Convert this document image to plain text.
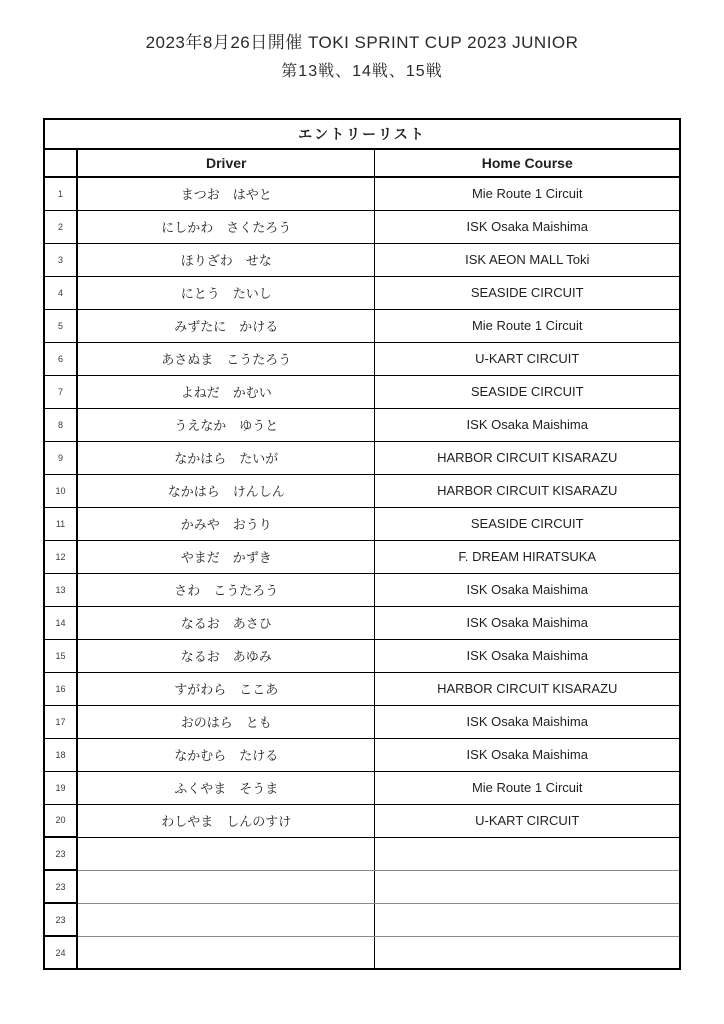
2023年8月26日開催 TOKI SPRINT CUP 2023 JUNIOR
第13戦、14戦、15戦
エントリーリスト		
	Driver	Home Course
1	まつお　はやと	Mie Route 1 Circuit
2	にしかわ　さくたろう	ISK Osaka Maishima
3	ほりざわ　せな	ISK AEON MALL Toki
4	にとう　たいし	SEASIDE CIRCUIT
5	みずたに　かける	Mie Route 1 Circuit
6	あさぬま　こうたろう	U-KART CIRCUIT
7	よねだ　かむい	SEASIDE CIRCUIT
8	うえなか　ゆうと	ISK Osaka Maishima
9	なかはら　たいが	HARBOR CIRCUIT KISARAZU
10	なかはら　けんしん	HARBOR CIRCUIT KISARAZU
11	かみや　おうり	SEASIDE CIRCUIT
12	やまだ　かずき	F. DREAM HIRATSUKA
13	さわ　こうたろう	ISK Osaka Maishima
14	なるお　あさひ	ISK Osaka Maishima
15	なるお　あゆみ	ISK Osaka Maishima
16	すがわら　ここあ	HARBOR CIRCUIT KISARAZU
17	おのはら　とも	ISK Osaka Maishima
18	なかむら　たける	ISK Osaka Maishima
19	ふくやま　そうま	Mie Route 1 Circuit
20	わしやま　しんのすけ	U-KART CIRCUIT
23		
23		
23		
24		
